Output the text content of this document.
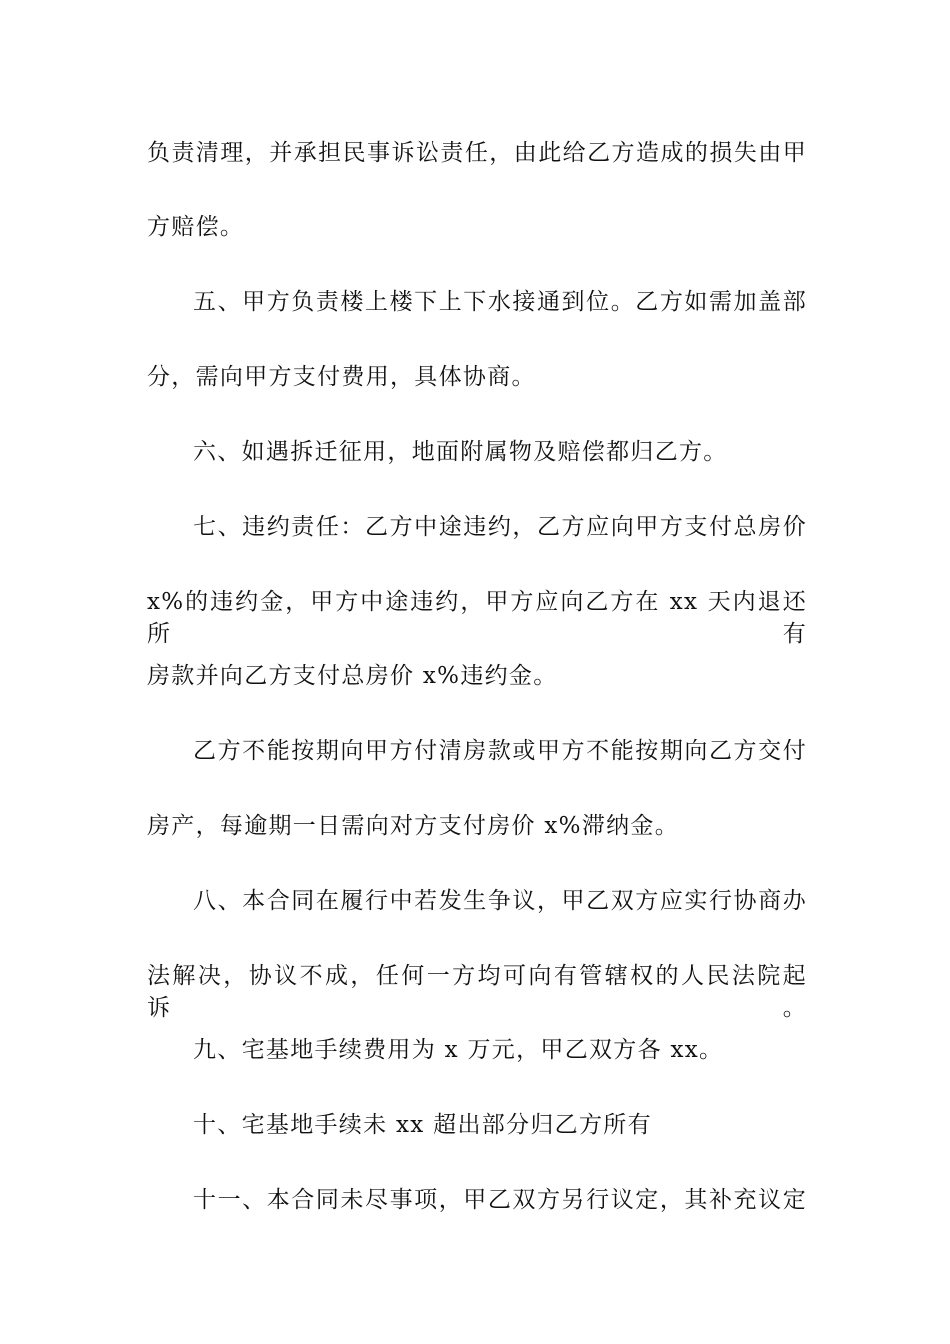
负责清理，并承担民事诉讼责任，由此给乙方造成的损失由甲
方赔偿。
五、甲方负责楼上楼下上下水接通到位。乙方如需加盖部
分，需向甲方支付费用，具体协商。
六、如遇拆迁征用，地面附属物及赔偿都归乙方。
七、违约责任：乙方中途违约，乙方应向甲方支付总房价
x%的违约金，甲方中途违约，甲方应向乙方在 xx 天内退还所有
房款并向乙方支付总房价 x%违约金。
乙方不能按期向甲方付清房款或甲方不能按期向乙方交付
房产，每逾期一日需向对方支付房价 x%滞纳金。
八、本合同在履行中若发生争议，甲乙双方应实行协商办
法解决，协议不成，任何一方均可向有管辖权的人民法院起诉。
九、宅基地手续费用为 x 万元，甲乙双方各 xx。
十、宅基地手续未 xx 超出部分归乙方所有
十一、本合同未尽事项，甲乙双方另行议定，其补充议定
